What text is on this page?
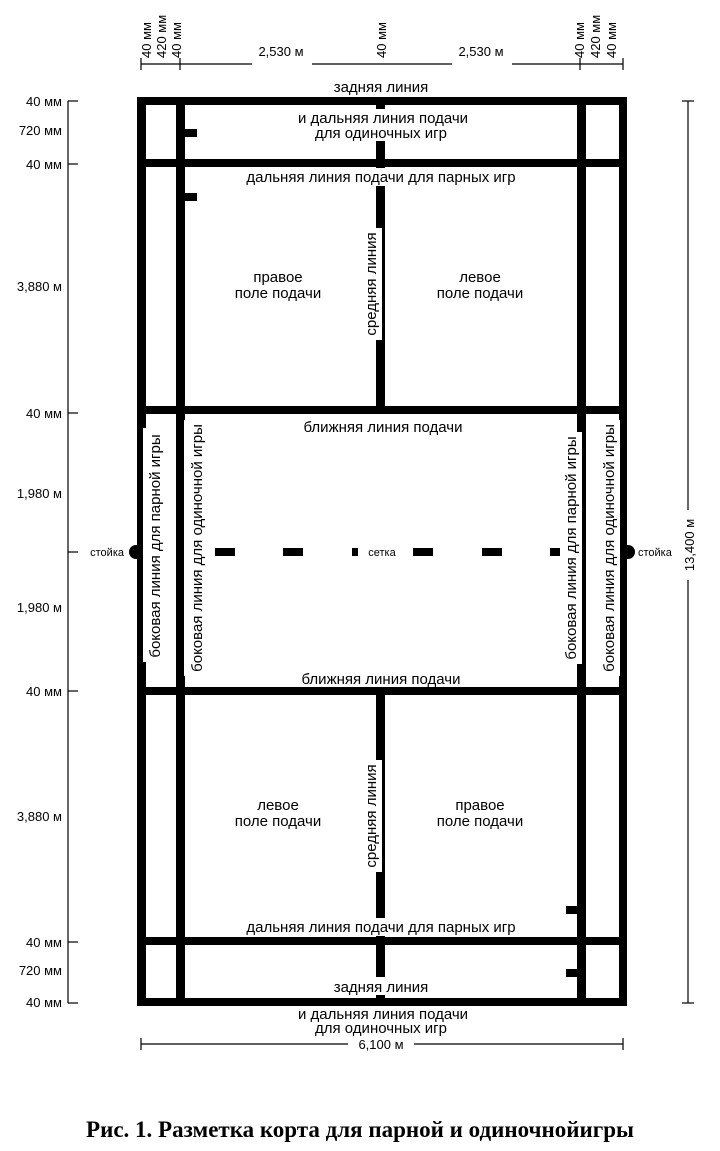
40 мм 420 мм 40 мм	2,530 м	40 мм	2,530 м	40 мм 420 мм 40 мм
40 мм
720 мм
40 мм
3,880 м
40 мм
1,980 м
1,980 м
40 мм
3,880 м
40 мм
720 мм
40 мм
13,400 м
6,100 м
задняя линия
и дальняя линия подачи
для одиночных игр
дальняя линия подачи для парных игр
средняя линия
правое
поле подачи
левое
поле подачи
ближняя линия подачи
боковая линия для парной игры боковая линия для одиночной игры	боковая линия для парной игры боковая линия для одиночной игры
стойка	стойка
сетка
ближняя линия подачи
средняя линия
левое
поле подачи
правое
поле подачи
дальняя линия подачи для парных игр
задняя линия
и дальняя линия подачи
для одиночных игр
Рис. 1. Разметка корта для парной и одиночнойигры
